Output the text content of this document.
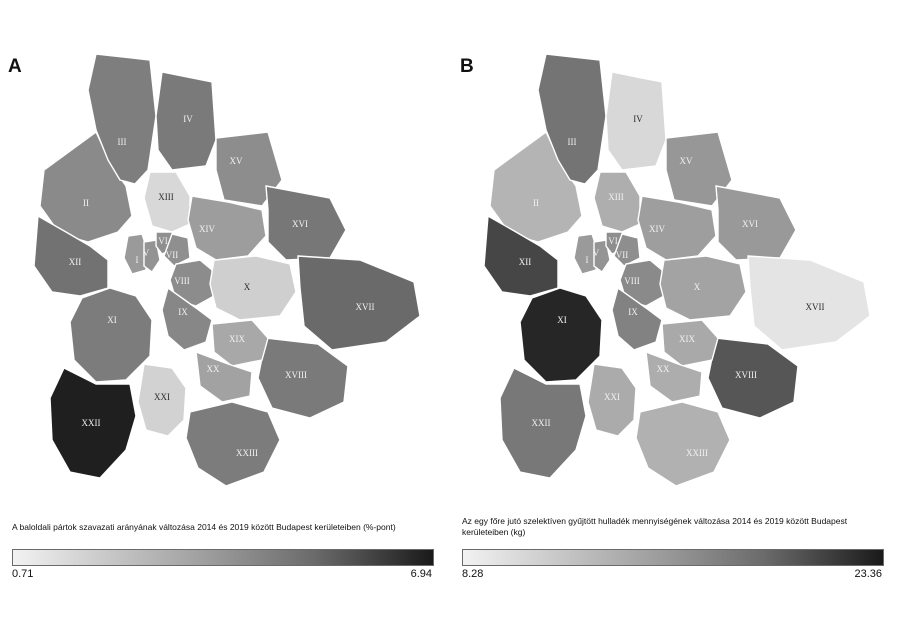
A
I
II
III
IV
V
VI
VII
VIII
IX
X
XI
XII
XIII
XIV
XV
XVI
XVII
XVIII
XIX
XX
XXI
XXII
XXIII
A baloldali pártok szavazati arányának változása 2014 és 2019 között Budapest kerületeiben (%-pont)
0.71	6.94
B
I
II
III
IV
V
VI
VII
VIII
IX
X
XI
XII
XIII
XIV
XV
XVI
XVII
XVIII
XIX
XX
XXI
XXII
XXIII
Az egy főre jutó szelektíven gyűjtött hulladék mennyiségének változása 2014 és 2019 között Budapest kerületeiben (kg)
8.28	23.36
